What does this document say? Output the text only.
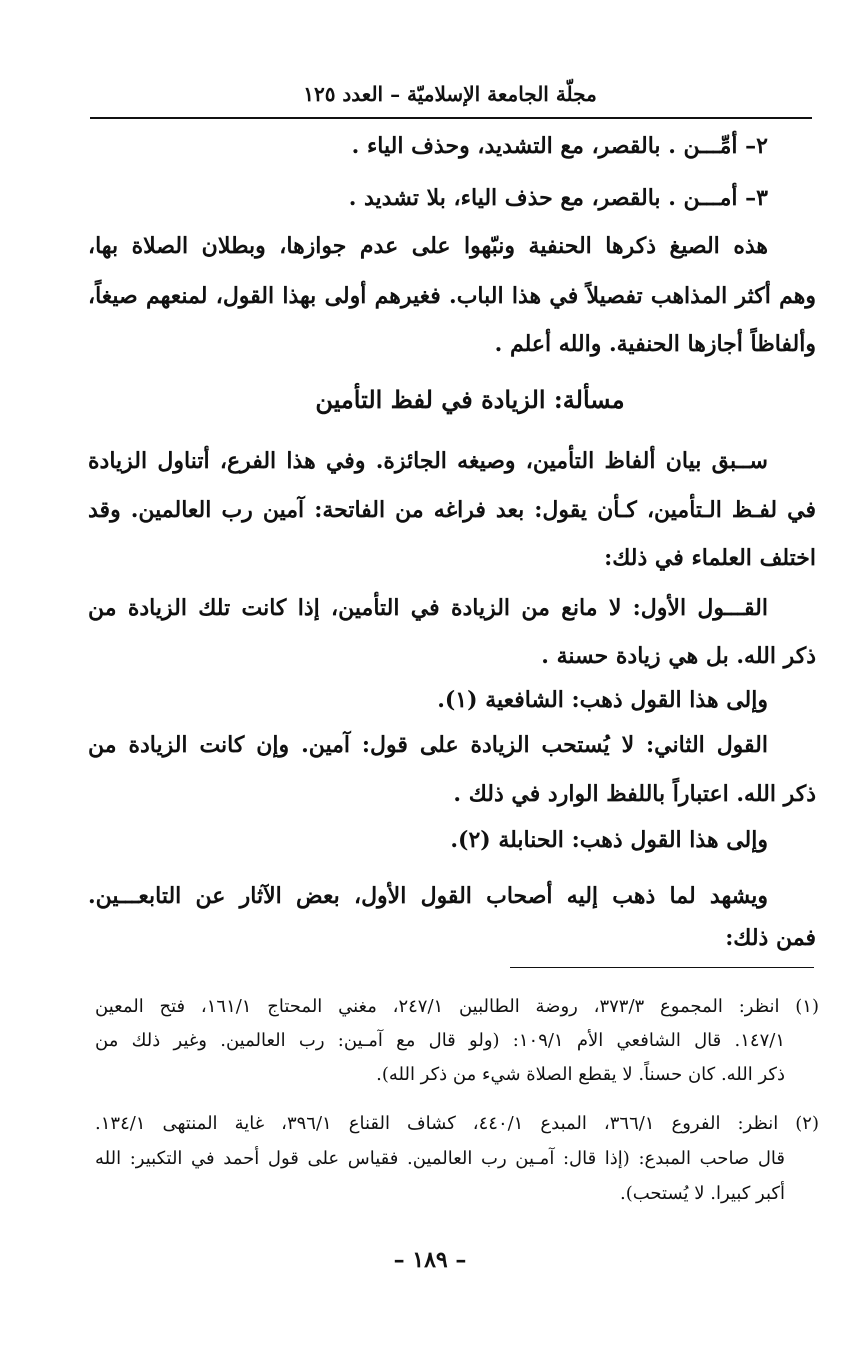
مجلّة الجامعة الإسلاميّة – العدد ١٢٥
٢– أمِّـــن . بالقصر، مع التشديد، وحذف الياء .
٣– أمـــن . بالقصر، مع حذف الياء، بلا تشديد .
هذه الصيغ ذكرها الحنفية ونبّهوا على عدم جوازها، وبطلان الصلاة بها،
وهم أكثر المذاهب تفصيلاً في هذا الباب. فغيرهم أولى بهذا القول، لمنعهم صيغاً،
وألفاظاً أجازها الحنفية. والله أعلم .
مسألة: الزيادة في لفظ التأمين
ســبق بيان ألفاظ التأمين، وصيغه الجائزة. وفي هذا الفرع، أتناول الزيادة
في لفـظ الـتأمين، كـأن يقول: بعد فراغه من الفاتحة: آمين رب العالمين. وقد
اختلف العلماء في ذلك:
القـــول الأول: لا مانع من الزيادة في التأمين، إذا كانت تلك الزيادة من
ذكر الله. بل هي زيادة حسنة .
وإلى هذا القول ذهب: الشافعية (١).
القول الثاني: لا يُستحب الزيادة على قول: آمين. وإن كانت الزيادة من
ذكر الله. اعتباراً باللفظ الوارد في ذلك .
وإلى هذا القول ذهب: الحنابلة (٢).
ويشهد لما ذهب إليه أصحاب القول الأول، بعض الآثار عن التابعـــين.
فمن ذلك:
(١) انظر: المجموع ٣٧٣/٣، روضة الطالبين ٢٤٧/١، مغني المحتاج ١٦١/١، فتح المعين
١٤٧/١. قال الشافعي الأم ١٠٩/١: (ولو قال مع آمـين: رب العالمين. وغير ذلك من
ذكر الله. كان حسناً. لا يقطع الصلاة شيء من ذكر الله).
(٢) انظر: الفروع ٣٦٦/١، المبدع ٤٤٠/١، كشاف القناع ٣٩٦/١، غاية المنتهى ١٣٤/١.
قال صاحب المبدع: (إذا قال: آمـين رب العالمين. فقياس على قول أحمد في التكبير: الله
أكبر كبيرا. لا يُستحب).
– ١٨٩ –
